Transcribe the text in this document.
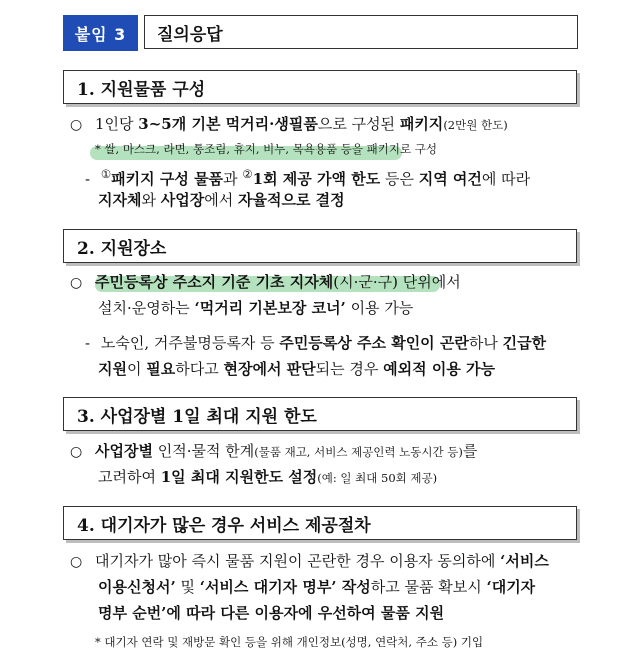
붙임 3	질의응답
1. 지원물품 구성
○ 1인당 3~5개 기본 먹거리·생필품으로 구성된 패키지(2만원 한도)
* 쌀, 마스크, 라면, 통조림, 휴지, 비누, 목욕용품 등을 패키지로 구성
- ①패키지 구성 물품과 ②1회 제공 가액 한도 등은 지역 여건에 따라
지자체와 사업장에서 자율적으로 결정
2. 지원장소
○ 주민등록상 주소지 기준 기초 지자체(시·군·구) 단위에서
설치·운영하는 ‘먹거리 기본보장 코너’ 이용 가능
- 노숙인, 거주불명등록자 등 주민등록상 주소 확인이 곤란하나 긴급한
지원이 필요하다고 현장에서 판단되는 경우 예외적 이용 가능
3. 사업장별 1일 최대 지원 한도
○ 사업장별 인적·물적 한계(물품 재고, 서비스 제공인력 노동시간 등)를
고려하여 1일 최대 지원한도 설정(예: 일 최대 50회 제공)
4. 대기자가 많은 경우 서비스 제공절차
○ 대기자가 많아 즉시 물품 지원이 곤란한 경우 이용자 동의하에 ‘서비스
이용신청서’ 및 ‘서비스 대기자 명부’ 작성하고 물품 확보시 ‘대기자
명부 순번’에 따라 다른 이용자에 우선하여 물품 지원
* 대기자 연락 및 재방문 확인 등을 위해 개인정보(성명, 연락처, 주소 등) 기입
